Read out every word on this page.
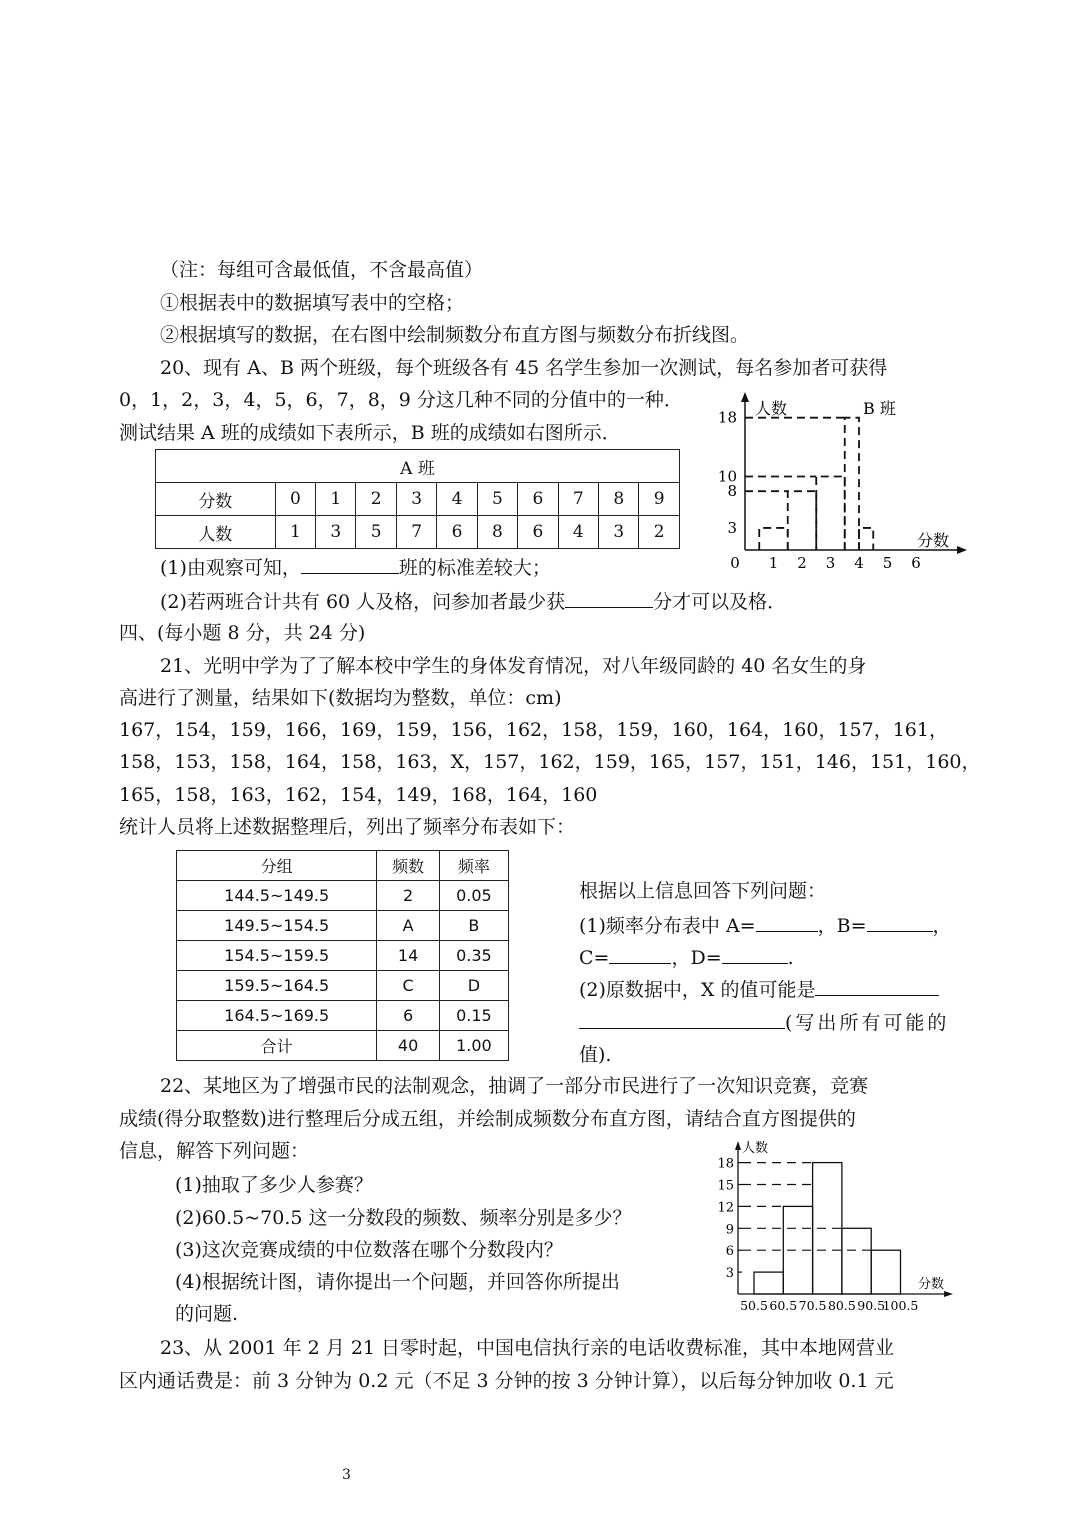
（注：每组可含最低值，不含最高值）
①根据表中的数据填写表中的空格；
②根据填写的数据，在右图中绘制频数分布直方图与频数分布折线图。
20、现有 A、B 两个班级，每个班级各有 45 名学生参加一次测试，每名参加者可获得
0，1，2，3，4，5，6，7，8，9 分这几种不同的分值中的一种．
测试结果 A 班的成绩如下表所示，B 班的成绩如右图所示．
A 班										
分数	0	1	2	3	4	5	6	7	8	9
人数	1	3	5	7	6	8	6	4	3	2
(1)由观察可知，	班的标准差较大；
(2)若两班合计共有 60 人及格，问参加者最少获	分才可以及格．
四、(每小题 8 分，共 24 分)
21、光明中学为了了解本校中学生的身体发育情况，对八年级同龄的 40 名女生的身
高进行了测量，结果如下(数据均为整数，单位：cm)
167，154，159，166，169，159，156，162，158，159，160，164，160，157，161，
158，153，158，164，158，163，X，157，162，159，165，157，151，146，151，160，
165，158，163，162，154，149，168，164，160
统计人员将上述数据整理后，列出了频率分布表如下：
分组	频数	频率
144.5~149.5	2	0.05
149.5~154.5	A	B
154.5~159.5	14	0.35
159.5~164.5	C	D
164.5~169.5	6	0.15
合计	40	1.00
根据以上信息回答下列问题：
(1)频率分布表中 A=	，B=	，
C=	，D=	.
(2)原数据中，X 的值可能是
(写出所有可能的
值).
22、某地区为了增强市民的法制观念，抽调了一部分市民进行了一次知识竞赛，竞赛
成绩(得分取整数)进行整理后分成五组，并绘制成频数分布直方图，请结合直方图提供的
信息，解答下列问题：
(1)抽取了多少人参赛？
(2)60.5~70.5 这一分数段的频数、频率分别是多少？
(3)这次竞赛成绩的中位数落在哪个分数段内？
(4)根据统计图，请你提出一个问题，并回答你所提出
的问题.
23、从 2001 年 2 月 21 日零时起，中国电信执行亲的电话收费标准，其中本地网营业
区内通话费是：前 3 分钟为 0.2 元（不足 3 分钟的按 3 分钟计算），以后每分钟加收 0.1 元
3
0 1 2 3 4 5 6
3
8
10
18 人数	B 班
分数
3
6
9
12
15
18
50.5 60.5 70.5 80.5 90.5
100.5
人数
分数
